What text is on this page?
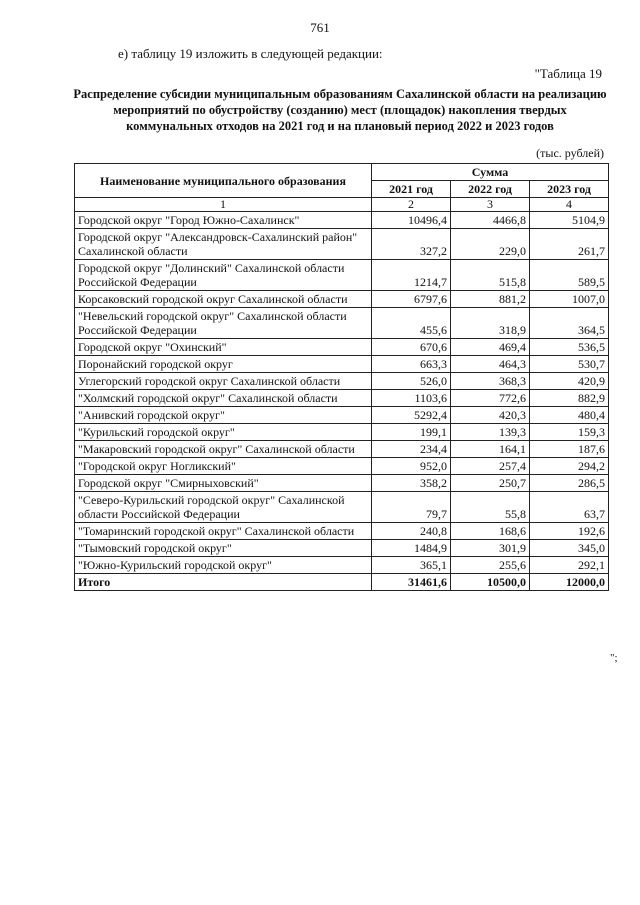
761
е) таблицу 19 изложить в следующей редакции:
"Таблица 19
Распределение субсидии муниципальным образованиям Сахалинской области на реализацию мероприятий по обустройству (созданию) мест (площадок) накопления твердых коммунальных отходов на 2021 год и на плановый период 2022 и 2023 годов
(тыс. рублей)
Наименование муниципального образования	Сумма		
	2021 год	2022 год	2023 год
1	2	3	4
Городской округ "Город Южно-Сахалинск"	10496,4	4466,8	5104,9
Городской округ "Александровск-Сахалинский район" Сахалинской области	327,2	229,0	261,7
Городской округ "Долинский" Сахалинской области Российской Федерации	1214,7	515,8	589,5
Корсаковский городской округ Сахалинской области	6797,6	881,2	1007,0
"Невельский городской округ" Сахалинской области Российской Федерации	455,6	318,9	364,5
Городской округ "Охинский"	670,6	469,4	536,5
Поронайский городской округ	663,3	464,3	530,7
Углегорский городской округ Сахалинской области	526,0	368,3	420,9
"Холмский городской округ" Сахалинской области	1103,6	772,6	882,9
"Анивский городской округ"	5292,4	420,3	480,4
"Курильский городской округ"	199,1	139,3	159,3
"Макаровский городской округ" Сахалинской области	234,4	164,1	187,6
"Городской округ Ногликский"	952,0	257,4	294,2
Городской округ "Смирныховский"	358,2	250,7	286,5
"Северо-Курильский городской округ" Сахалинской области Российской Федерации	79,7	55,8	63,7
"Томаринский городской округ" Сахалинской области	240,8	168,6	192,6
"Тымовский городской округ"	1484,9	301,9	345,0
"Южно-Курильский городской округ"	365,1	255,6	292,1
Итого	31461,6	10500,0	12000,0
";
